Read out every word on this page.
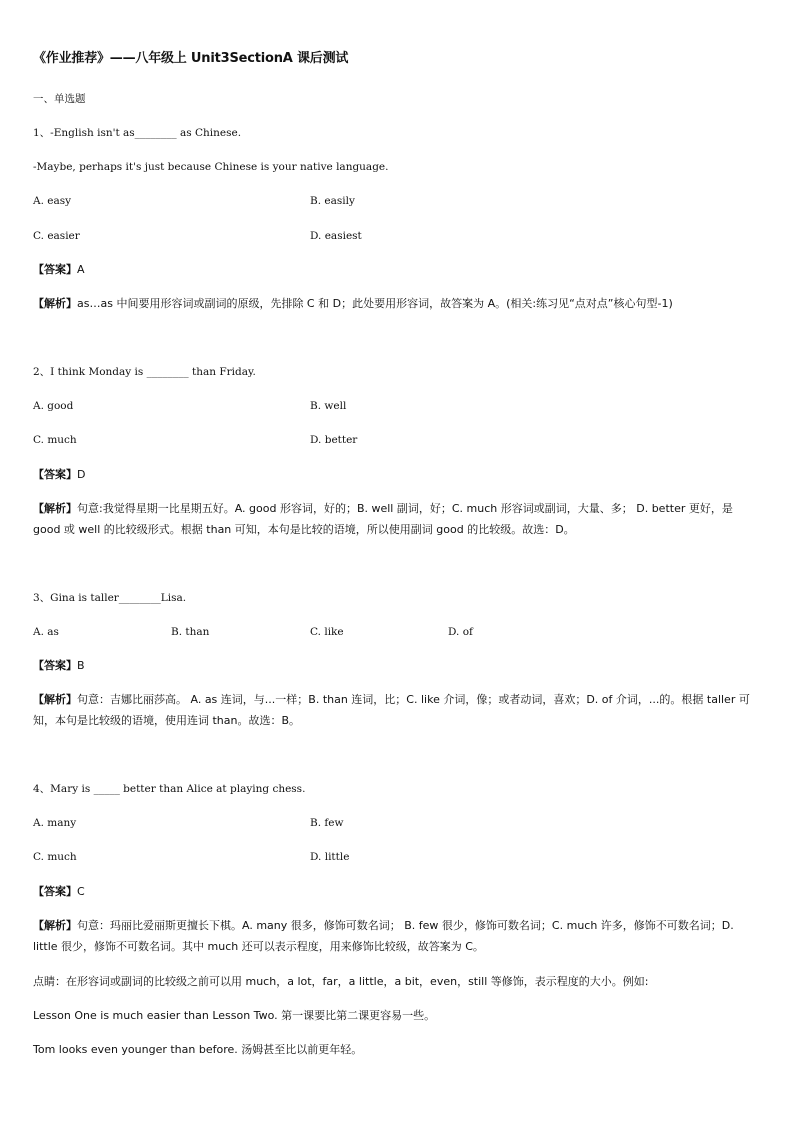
《作业推荐》——八年级上 Unit3SectionA 课后测试
一、单选题
1、-English isn't as________ as Chinese.
-Maybe, perhaps it's just because Chinese is your native language.
A. easy	B. easily
C. easier	D. easiest
【答案】A
【解析】as…as 中间要用形容词或副词的原级，先排除 C 和 D；此处要用形容词，故答案为 A。(相关:练习见“点对点”核心句型-1)
2、I think Monday is ________ than Friday.
A. good	B. well
C. much	D. better
【答案】D
【解析】句意:我觉得星期一比星期五好。A. good 形容词，好的；B. well 副词，好；C. much 形容词或副词，大量、多； D. better 更好，是 good 或 well 的比较级形式。根据 than 可知，本句是比较的语境，所以使用副词 good 的比较级。故选：D。
3、Gina is taller________Lisa.
A. as	B. than	C. like	D. of
【答案】B
【解析】句意：吉娜比丽莎高。 A. as 连词，与...一样；B. than 连词，比；C. like 介词，像；或者动词，喜欢；D. of 介词，...的。根据 taller 可知，本句是比较级的语境，使用连词 than。故选：B。
4、Mary is _____ better than Alice at playing chess.
A. many	B. few
C. much	D. little
【答案】C
【解析】句意：玛丽比爱丽斯更擅长下棋。A. many 很多，修饰可数名词； B. few 很少，修饰可数名词；C. much 许多，修饰不可数名词；D. little 很少，修饰不可数名词。其中 much 还可以表示程度，用来修饰比较级，故答案为 C。
点睛：在形容词或副词的比较级之前可以用 much，a lot，far，a little，a bit，even，still 等修饰，表示程度的大小。例如:
Lesson One is much easier than Lesson Two. 第一课要比第二课更容易一些。
Tom looks even younger than before. 汤姆甚至比以前更年轻。
